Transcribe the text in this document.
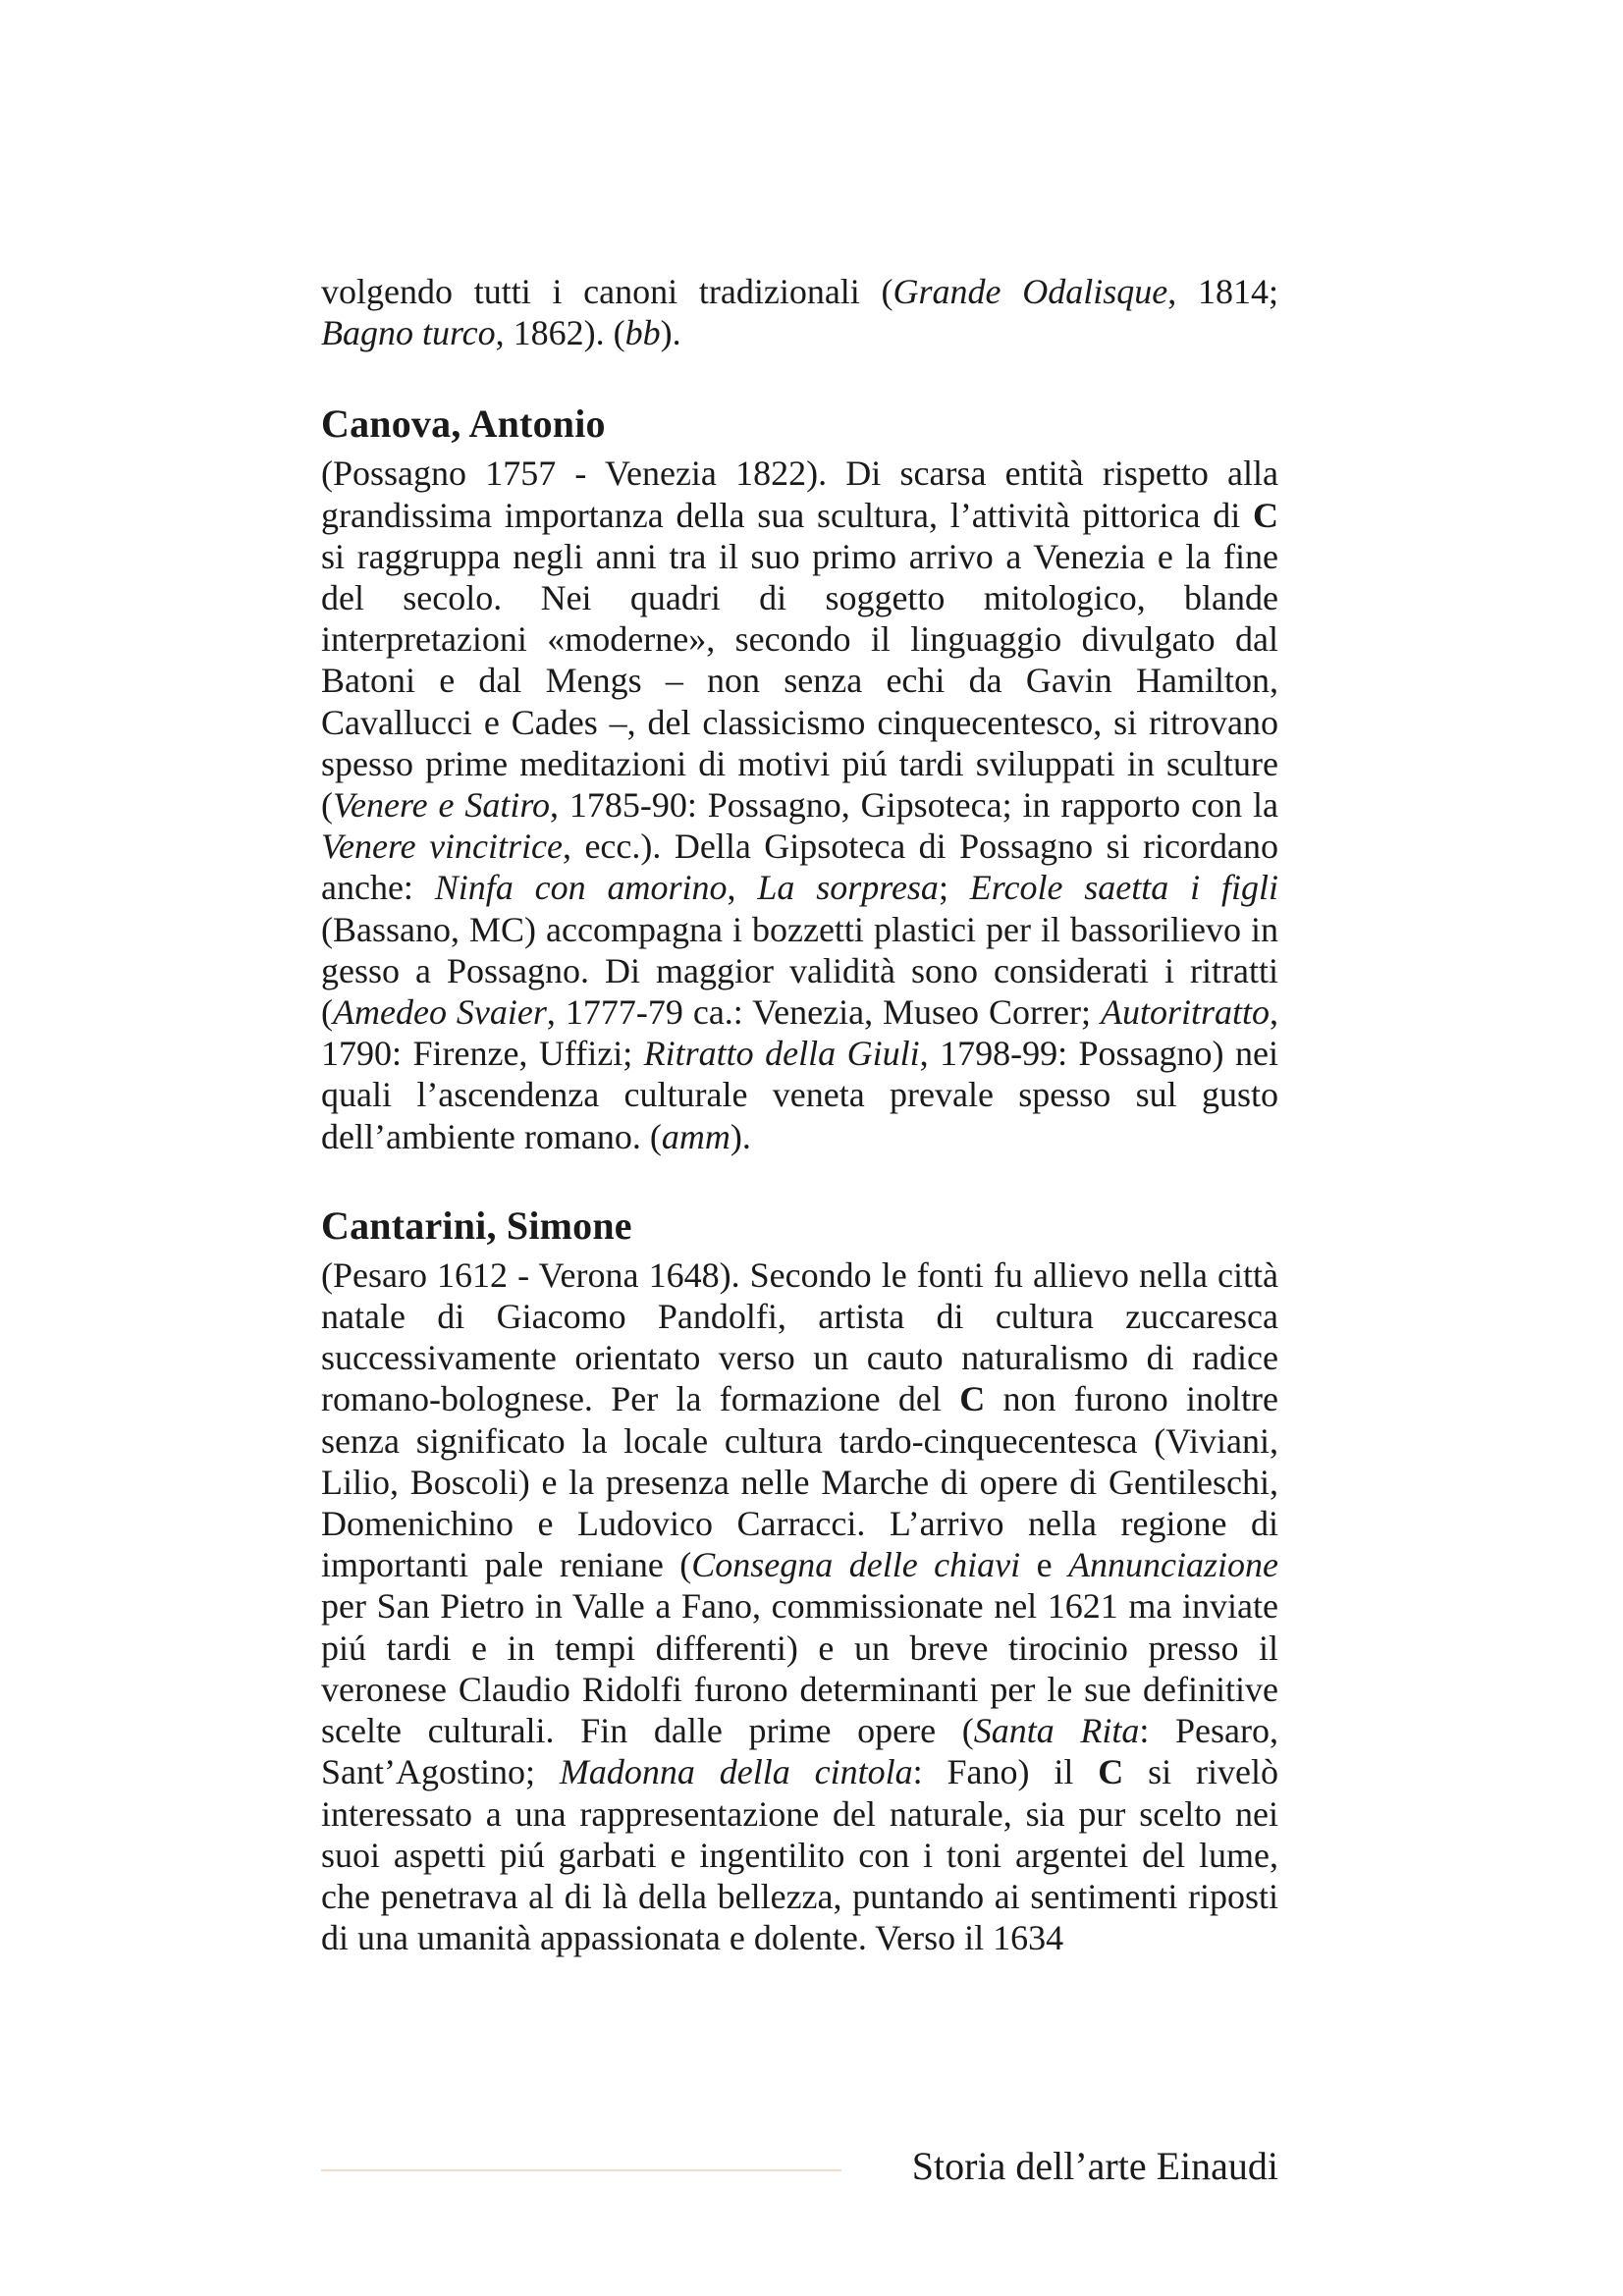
volgendo tutti i canoni tradizionali (Grande Odalisque, 1814; Bagno turco, 1862). (bb).

Canova, Antonio

(Possagno 1757 - Venezia 1822). Di scarsa entità rispetto alla grandissima importanza della sua scultura, l’attività pittorica di C si raggruppa negli anni tra il suo primo arrivo a Venezia e la fine del secolo. Nei quadri di soggetto mitologico, blande interpretazioni «moderne», secondo il linguaggio divulgato dal Batoni e dal Mengs – non senza echi da Gavin Hamilton, Cavallucci e Cades –, del classicismo cinquecentesco, si ritrovano spesso prime meditazioni di motivi piú tardi sviluppati in sculture (Venere e Satiro, 1785-90: Possagno, Gipsoteca; in rapporto con la Venere vincitrice, ecc.). Della Gipsoteca di Possagno si ricordano anche: Ninfa con amorino, La sorpresa; Ercole saetta i figli (Bassano, MC) accompagna i bozzetti plastici per il bassorilievo in gesso a Possagno. Di maggior validità sono considerati i ritratti (Amedeo Svaier, 1777-79 ca.: Venezia, Museo Correr; Autoritratto, 1790: Firenze, Uffizi; Ritratto della Giuli, 1798-99: Possagno) nei quali l’ascendenza culturale veneta prevale spesso sul gusto dell’ambiente romano. (amm).

Cantarini, Simone

(Pesaro 1612 - Verona 1648). Secondo le fonti fu allievo nella città natale di Giacomo Pandolfi, artista di cultura zuccaresca successivamente orientato verso un cauto naturalismo di radice romano-bolognese. Per la formazione del C non furono inoltre senza significato la locale cultura tardo-cinquecentesca (Viviani, Lilio, Boscoli) e la presenza nelle Marche di opere di Gentileschi, Domenichino e Ludovico Carracci. L’arrivo nella regione di importanti pale reniane (Consegna delle chiavi e Annunciazione per San Pietro in Valle a Fano, commissionate nel 1621 ma inviate piú tardi e in tempi differenti) e un breve tirocinio presso il veronese Claudio Ridolfi furono determinanti per le sue definitive scelte culturali. Fin dalle prime opere (Santa Rita: Pesaro, Sant’Agostino; Madonna della cintola: Fano) il C si rivelò interessato a una rappresentazione del naturale, sia pur scelto nei suoi aspetti piú garbati e ingentilito con i toni argentei del lume, che penetrava al di là della bellezza, puntando ai sentimenti riposti di una umanità appassionata e dolente. Verso il 1634

Storia dell’arte Einaudi
